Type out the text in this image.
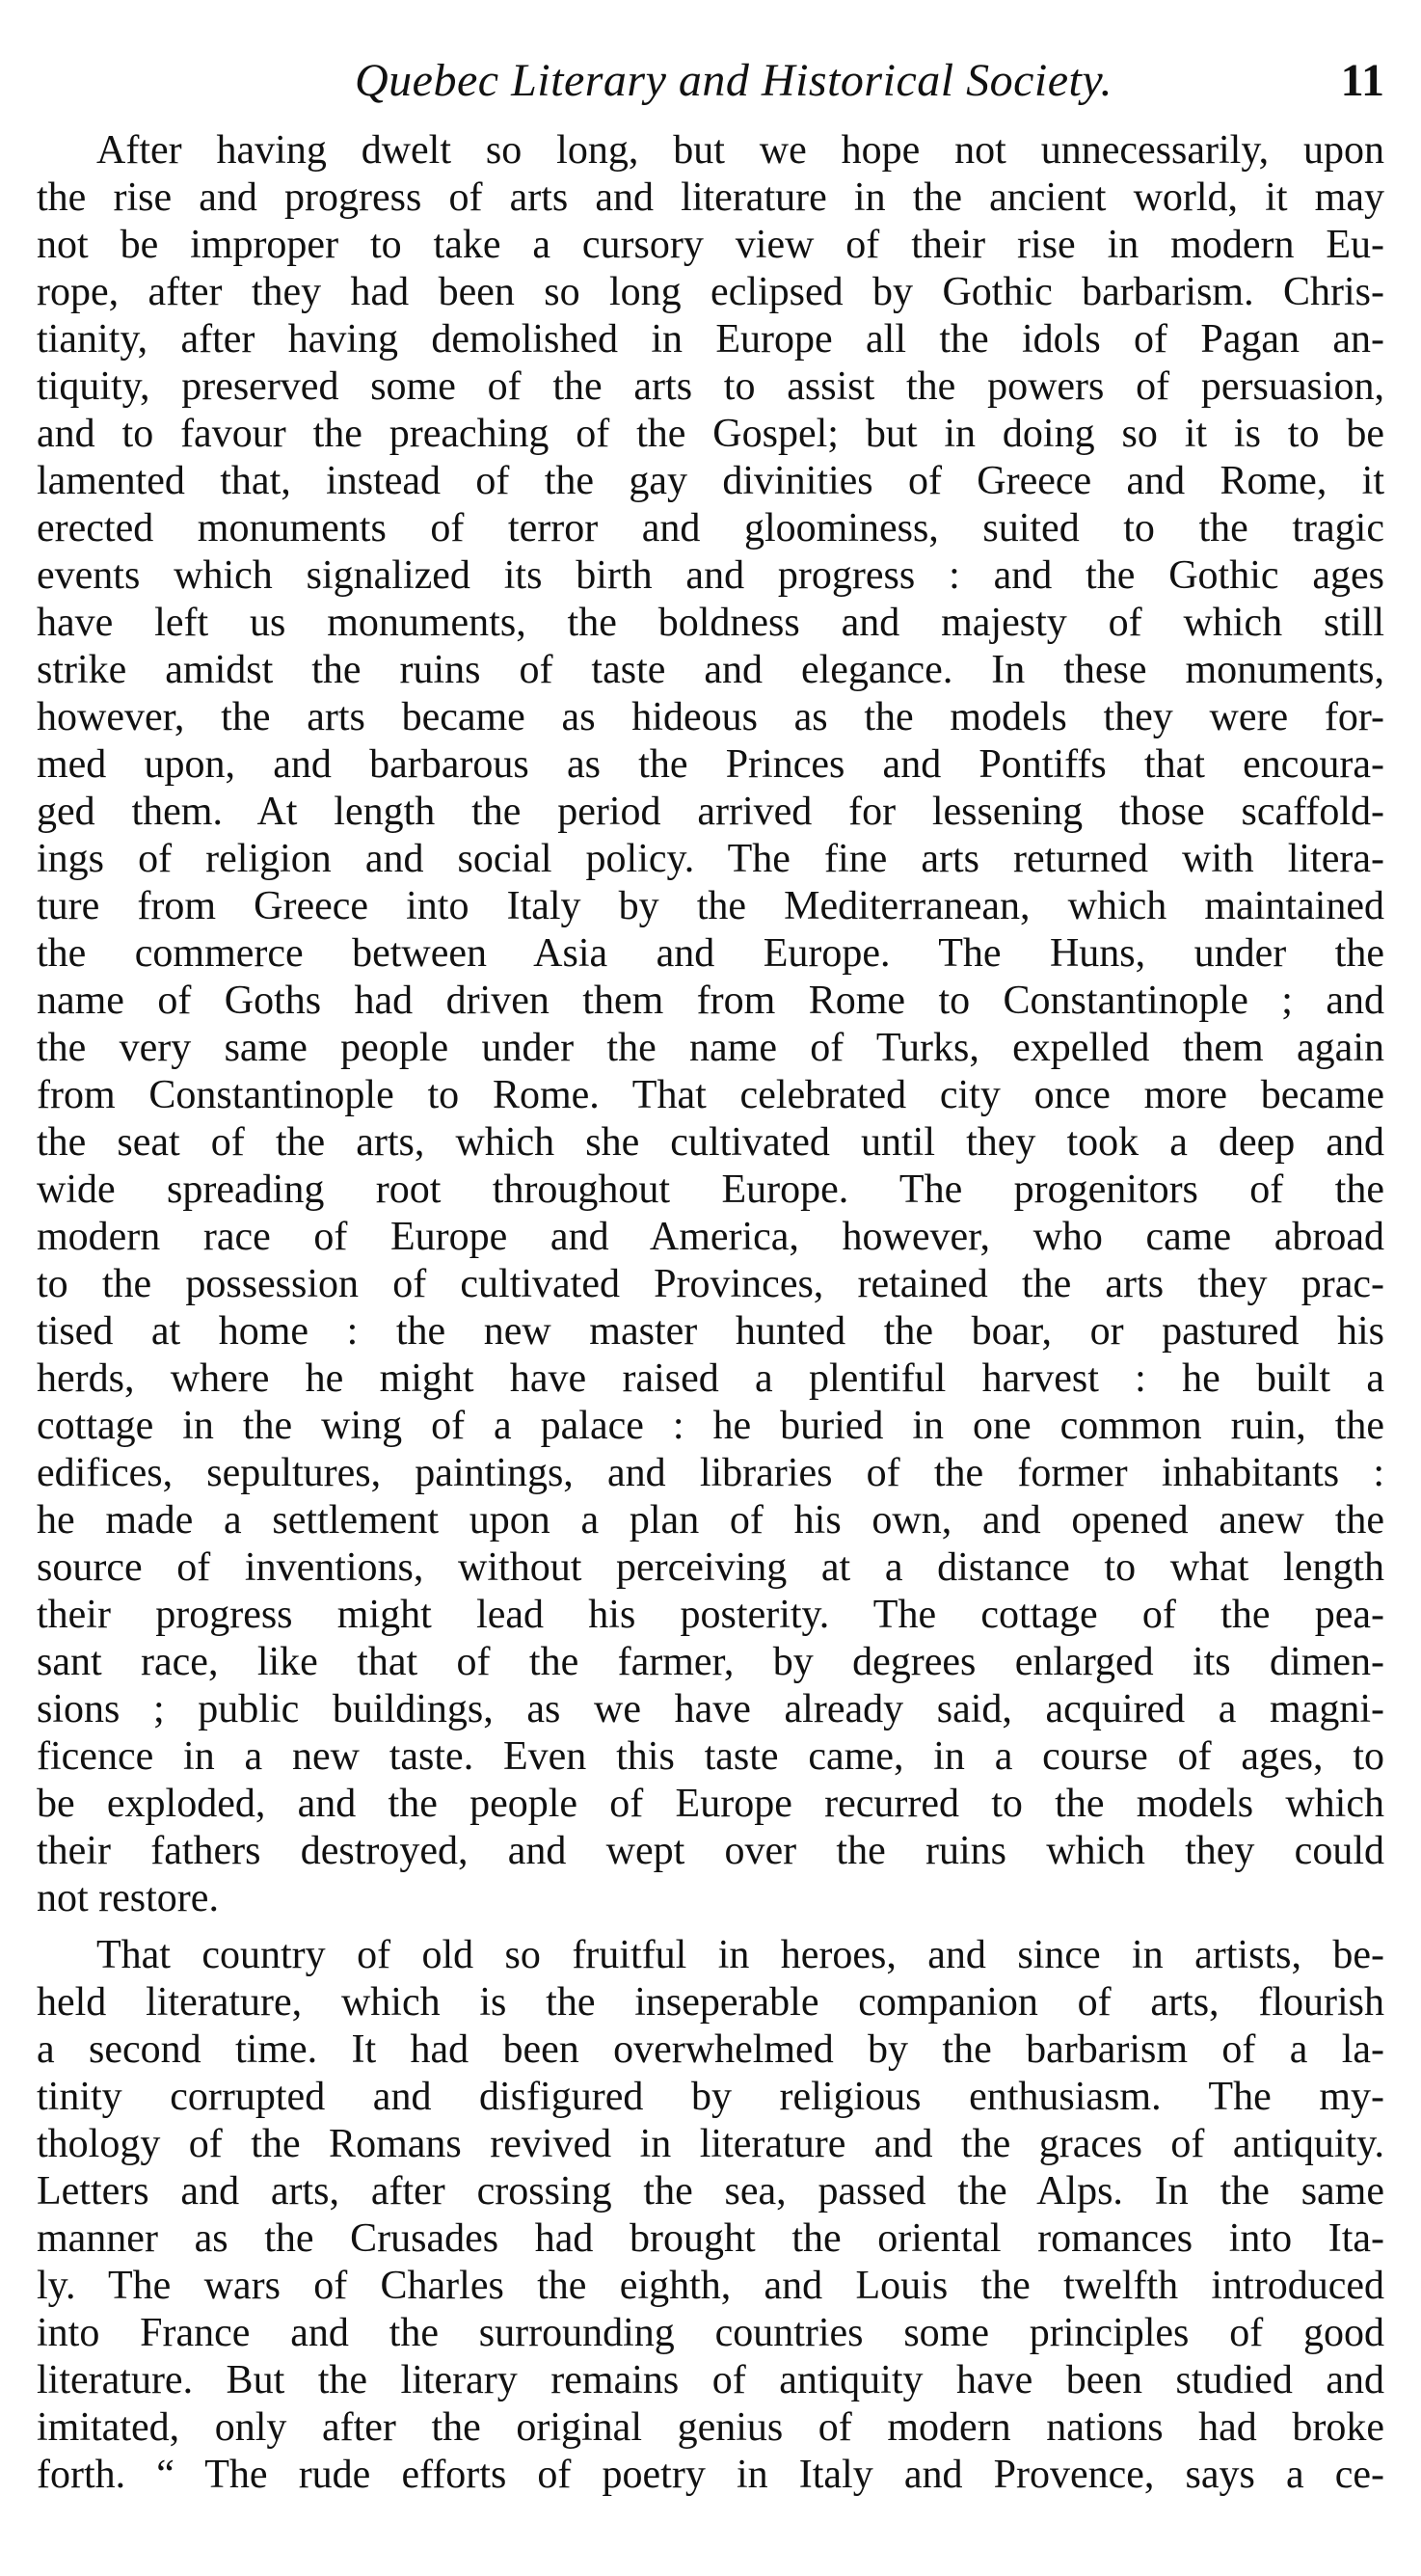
Quebec Literary and Historical Society.	11
After having dwelt so long, but we hope not unnecessarily, upon
the rise and progress of arts and literature in the ancient world, it may
not be improper to take a cursory view of their rise in modern Eu-
rope, after they had been so long eclipsed by Gothic barbarism. Chris-
tianity, after having demolished in Europe all the idols of Pagan an-
tiquity, preserved some of the arts to assist the powers of persuasion,
and to favour the preaching of the Gospel; but in doing so it is to be
lamented that, instead of the gay divinities of Greece and Rome, it
erected monuments of terror and gloominess, suited to the tragic
events which signalized its birth and progress : and the Gothic ages
have left us monuments, the boldness and majesty of which still
strike amidst the ruins of taste and elegance. In these monuments,
however, the arts became as hideous as the models they were for-
med upon, and barbarous as the Princes and Pontiffs that encoura-
ged them. At length the period arrived for lessening those scaffold-
ings of religion and social policy. The fine arts returned with litera-
ture from Greece into Italy by the Mediterranean, which maintained
the commerce between Asia and Europe. The Huns, under the
name of Goths had driven them from Rome to Constantinople ; and
the very same people under the name of Turks, expelled them again
from Constantinople to Rome. That celebrated city once more became
the seat of the arts, which she cultivated until they took a deep and
wide spreading root throughout Europe. The progenitors of the
modern race of Europe and America, however, who came abroad
to the possession of cultivated Provinces, retained the arts they prac-
tised at home : the new master hunted the boar, or pastured his
herds, where he might have raised a plentiful harvest : he built a
cottage in the wing of a palace : he buried in one common ruin, the
edifices, sepultures, paintings, and libraries of the former inhabitants :
he made a settlement upon a plan of his own, and opened anew the
source of inventions, without perceiving at a distance to what length
their progress might lead his posterity. The cottage of the pea-
sant race, like that of the farmer, by degrees enlarged its dimen-
sions ; public buildings, as we have already said, acquired a magni-
ficence in a new taste. Even this taste came, in a course of ages, to
be exploded, and the people of Europe recurred to the models which
their fathers destroyed, and wept over the ruins which they could
not restore.
That country of old so fruitful in heroes, and since in artists, be-
held literature, which is the inseperable companion of arts, flourish
a second time. It had been overwhelmed by the barbarism of a la-
tinity corrupted and disfigured by religious enthusiasm. The my-
thology of the Romans revived in literature and the graces of antiquity.
Letters and arts, after crossing the sea, passed the Alps. In the same
manner as the Crusades had brought the oriental romances into Ita-
ly. The wars of Charles the eighth, and Louis the twelfth introduced
into France and the surrounding countries some principles of good
literature. But the literary remains of antiquity have been studied and
imitated, only after the original genius of modern nations had broke
forth. “ The rude efforts of poetry in Italy and Provence, says a ce-
